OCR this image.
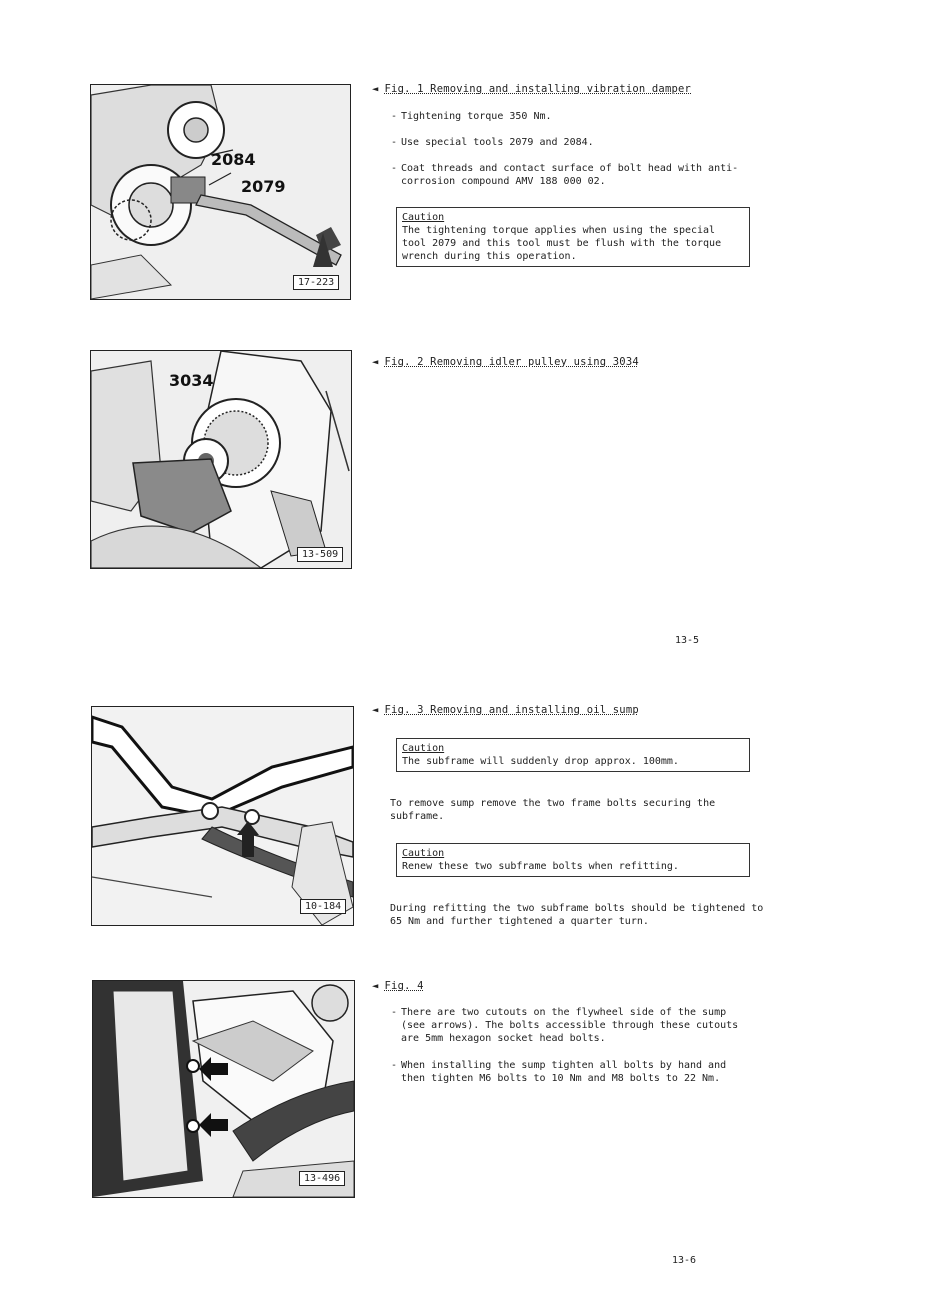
2084
2079
17-223
◄ Fig. 1 Removing and installing vibration damper
- Tightening torque 350 Nm.
- Use special tools 2079 and 2084.
- Coat threads and contact surface of bolt head with anti-corrosion compound AMV 188 000 02.
Caution
The tightening torque applies when using the special tool 2079 and this tool must be flush with the torque wrench during this operation.
3034
13-509
◄ Fig. 2 Removing idler pulley using 3034
13-5
10-184
◄ Fig. 3 Removing and installing oil sump
Caution
The subframe will suddenly drop approx. 100mm.
To remove sump remove the two frame bolts securing the subframe.
Caution
Renew these two subframe bolts when refitting.
During refitting the two subframe bolts should be tightened to 65 Nm and further tightened a quarter turn.
13-496
◄ Fig. 4
- There are two cutouts on the flywheel side of the sump (see arrows). The bolts accessible through these cutouts are 5mm hexagon socket head bolts.
- When installing the sump tighten all bolts by hand and then tighten M6 bolts to 10 Nm and M8 bolts to 22 Nm.
13-6
